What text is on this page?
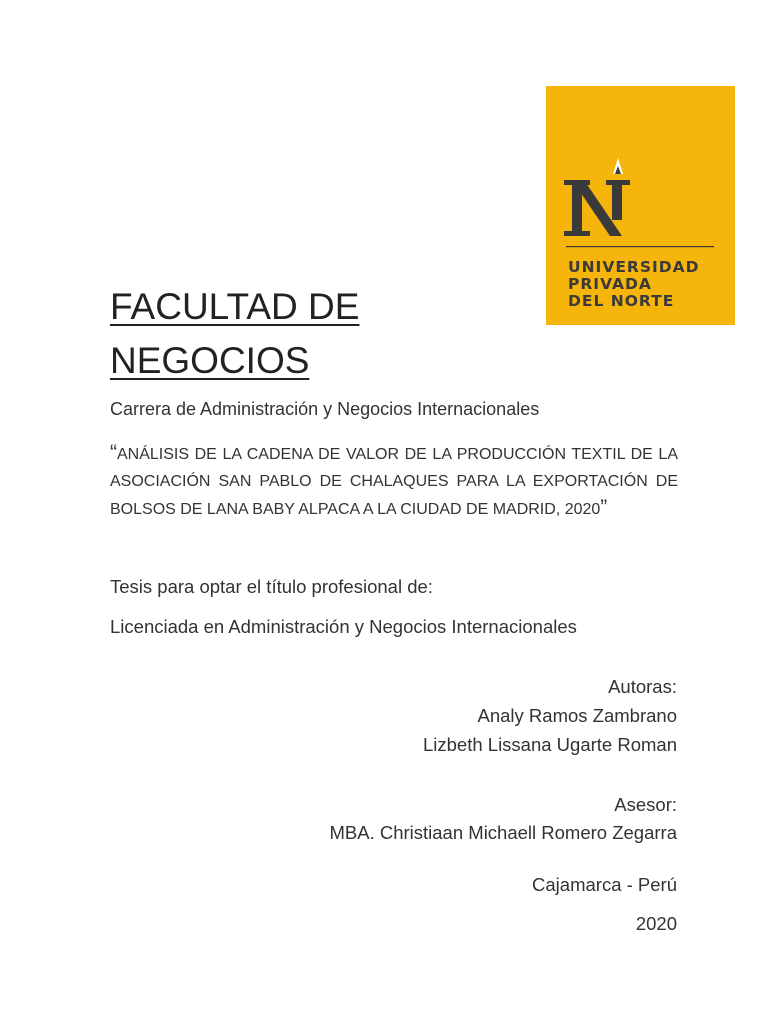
UNIVERSIDAD
PRIVADA
DEL NORTE
FACULTAD DE
NEGOCIOS
Carrera de Administración y Negocios Internacionales
“ANÁLISIS DE LA CADENA DE VALOR DE LA PRODUCCIÓN TEXTIL DE LA ASOCIACIÓN SAN PABLO DE CHALAQUES PARA LA EXPORTACIÓN DE BOLSOS DE LANA BABY ALPACA A LA CIUDAD DE MADRID, 2020”
Tesis para optar el título profesional de:
Licenciada en Administración y Negocios Internacionales
Autoras:
Analy Ramos Zambrano
Lizbeth Lissana Ugarte Roman
Asesor:
MBA. Christiaan Michaell Romero Zegarra
Cajamarca - Perú
2020
